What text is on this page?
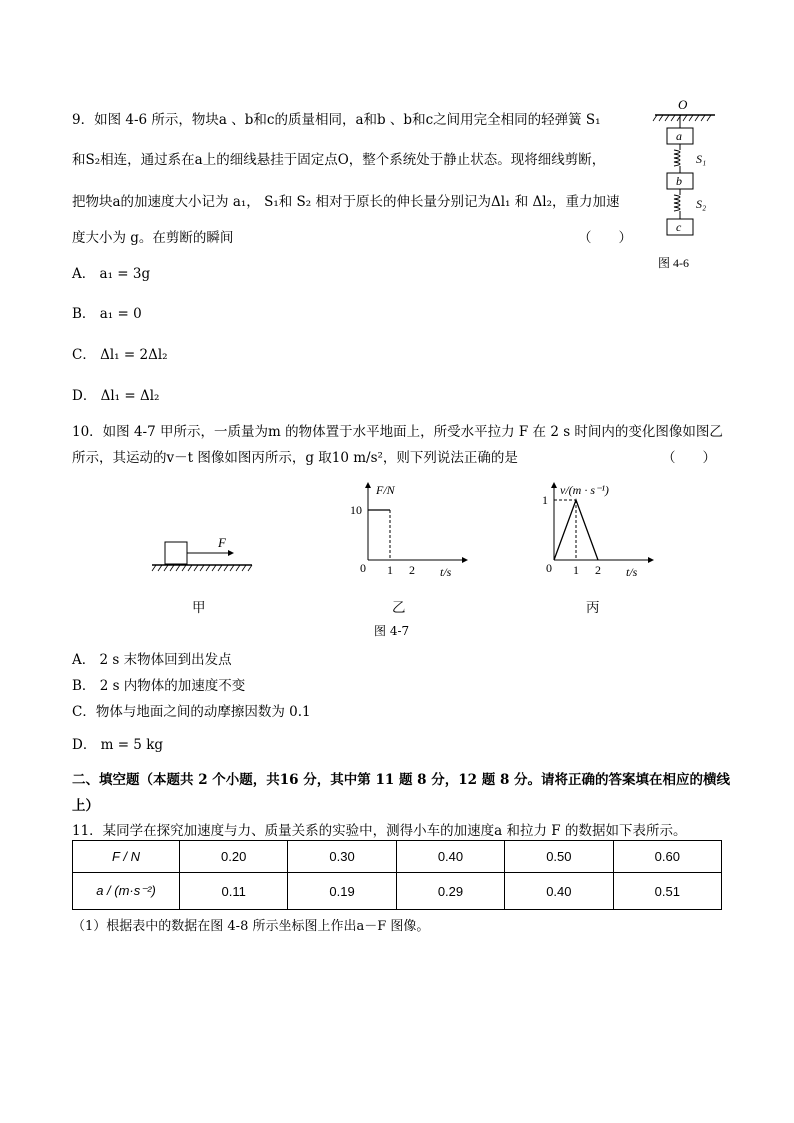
9．如图 4-6 所示，物块a 、b和c的质量相同，a和b 、b和c之间用完全相同的轻弹簧 S₁
和S₂相连，通过系在a上的细线悬挂于固定点O，整个系统处于静止状态。现将细线剪断，
把物块a的加速度大小记为 a₁， S₁和 S₂ 相对于原长的伸长量分别记为Δl₁ 和 Δl₂，重力加速
度大小为 g。在剪断的瞬间	（　　）
A． a₁ = 3g
B． a₁ = 0
C． Δl₁ = 2Δl₂
D． Δl₁ = Δl₂
O
a
S₁
b
S₂
c
图 4-6
10．如图 4-7 甲所示，一质量为m 的物体置于水平地面上，所受水平拉力 F 在 2 s 时间内的变化图像如图乙
所示，其运动的v－t 图像如图丙所示，g 取10 m/s²，则下列说法正确的是	（　　）
F
甲
F/N
t/s
0
10
1 2
乙
v/(m · s⁻¹)
t/s
0
1
1 2
丙
图 4-7
A． 2 s 末物体回到出发点
B． 2 s 内物体的加速度不变
C．物体与地面之间的动摩擦因数为 0.1
D． m = 5 kg
二、填空题（本题共 2 个小题，共16 分，其中第 11 题 8 分，12 题 8 分。请将正确的答案填在相应的横线
上）
11．某同学在探究加速度与力、质量关系的实验中，测得小车的加速度a 和拉力 F 的数据如下表所示。
F / N	0.20	0.30	0.40	0.50	0.60
a / (m·s⁻²)	0.11	0.19	0.29	0.40	0.51
（1）根据表中的数据在图 4-8 所示坐标图上作出a－F 图像。
